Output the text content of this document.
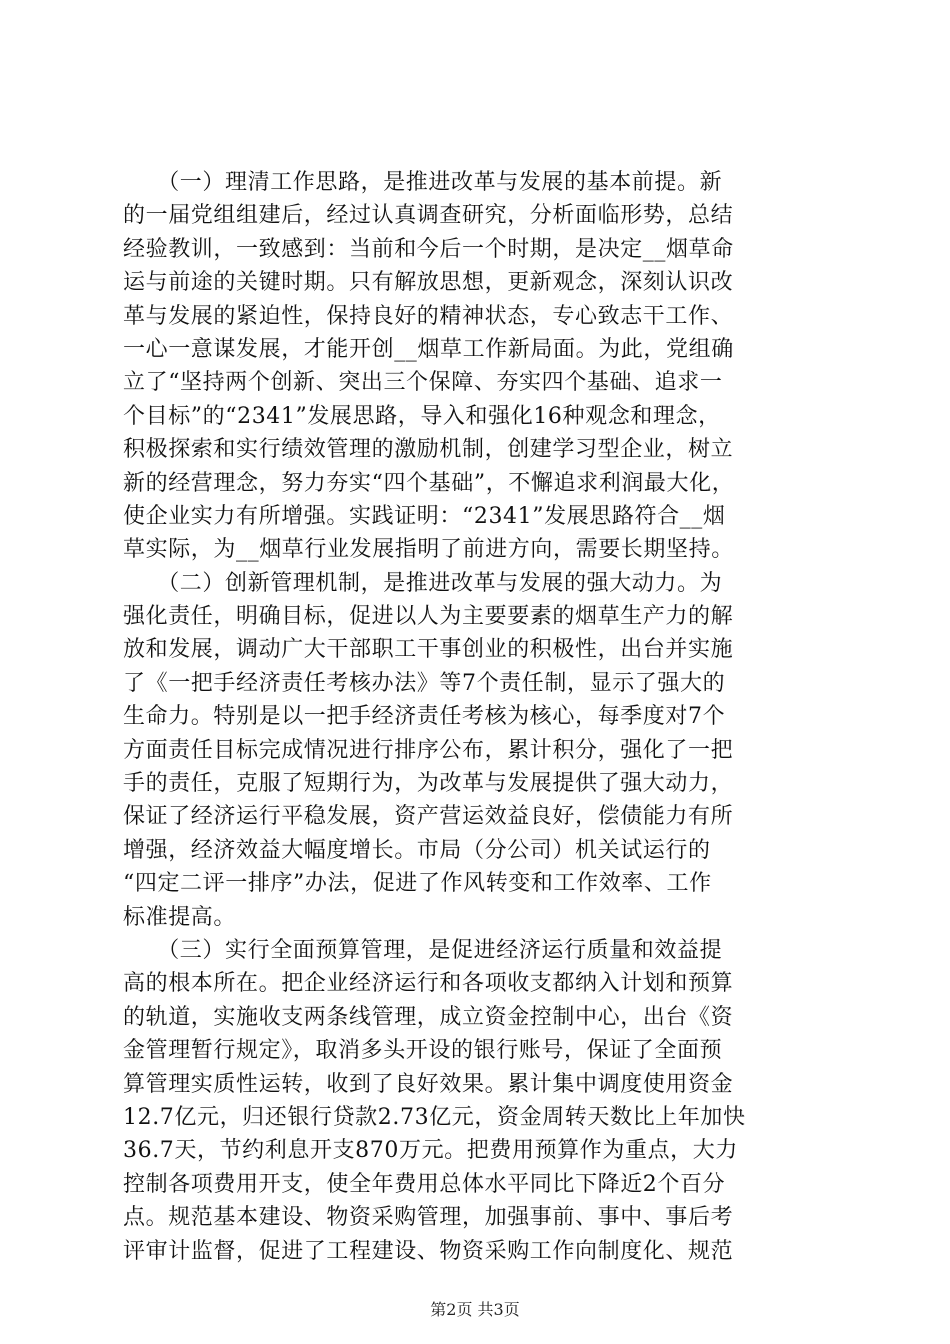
　　（一）理清工作思路，是推进改革与发展的基本前提。新
的一届党组组建后，经过认真调查研究，分析面临形势，总结
经验教训，一致感到：当前和今后一个时期，是决定__烟草命
运与前途的关键时期。只有解放思想，更新观念，深刻认识改
革与发展的紧迫性，保持良好的精神状态，专心致志干工作、
一心一意谋发展，才能开创__烟草工作新局面。为此，党组确
立了“坚持两个创新、突出三个保障、夯实四个基础、追求一
个目标”的“2341”发展思路，导入和强化16种观念和理念，
积极探索和实行绩效管理的激励机制，创建学习型企业，树立
新的经营理念，努力夯实“四个基础”，不懈追求利润最大化，
使企业实力有所增强。实践证明：“2341”发展思路符合__烟
草实际，为__烟草行业发展指明了前进方向，需要长期坚持。
　　（二）创新管理机制，是推进改革与发展的强大动力。为
强化责任，明确目标，促进以人为主要要素的烟草生产力的解
放和发展，调动广大干部职工干事创业的积极性，出台并实施
了《一把手经济责任考核办法》等7个责任制，显示了强大的
生命力。特别是以一把手经济责任考核为核心，每季度对7个
方面责任目标完成情况进行排序公布，累计积分，强化了一把
手的责任，克服了短期行为，为改革与发展提供了强大动力，
保证了经济运行平稳发展，资产营运效益良好，偿债能力有所
增强，经济效益大幅度增长。市局（分公司）机关试运行的
“四定二评一排序”办法，促进了作风转变和工作效率、工作
标准提高。
　　（三）实行全面预算管理，是促进经济运行质量和效益提
高的根本所在。把企业经济运行和各项收支都纳入计划和预算
的轨道，实施收支两条线管理，成立资金控制中心，出台《资
金管理暂行规定》，取消多头开设的银行账号，保证了全面预
算管理实质性运转，收到了良好效果。累计集中调度使用资金
12.7亿元，归还银行贷款2.73亿元，资金周转天数比上年加快
36.7天，节约利息开支870万元。把费用预算作为重点，大力
控制各项费用开支，使全年费用总体水平同比下降近2个百分
点。规范基本建设、物资采购管理，加强事前、事中、事后考
评审计监督，促进了工程建设、物资采购工作向制度化、规范
第2页 共3页
